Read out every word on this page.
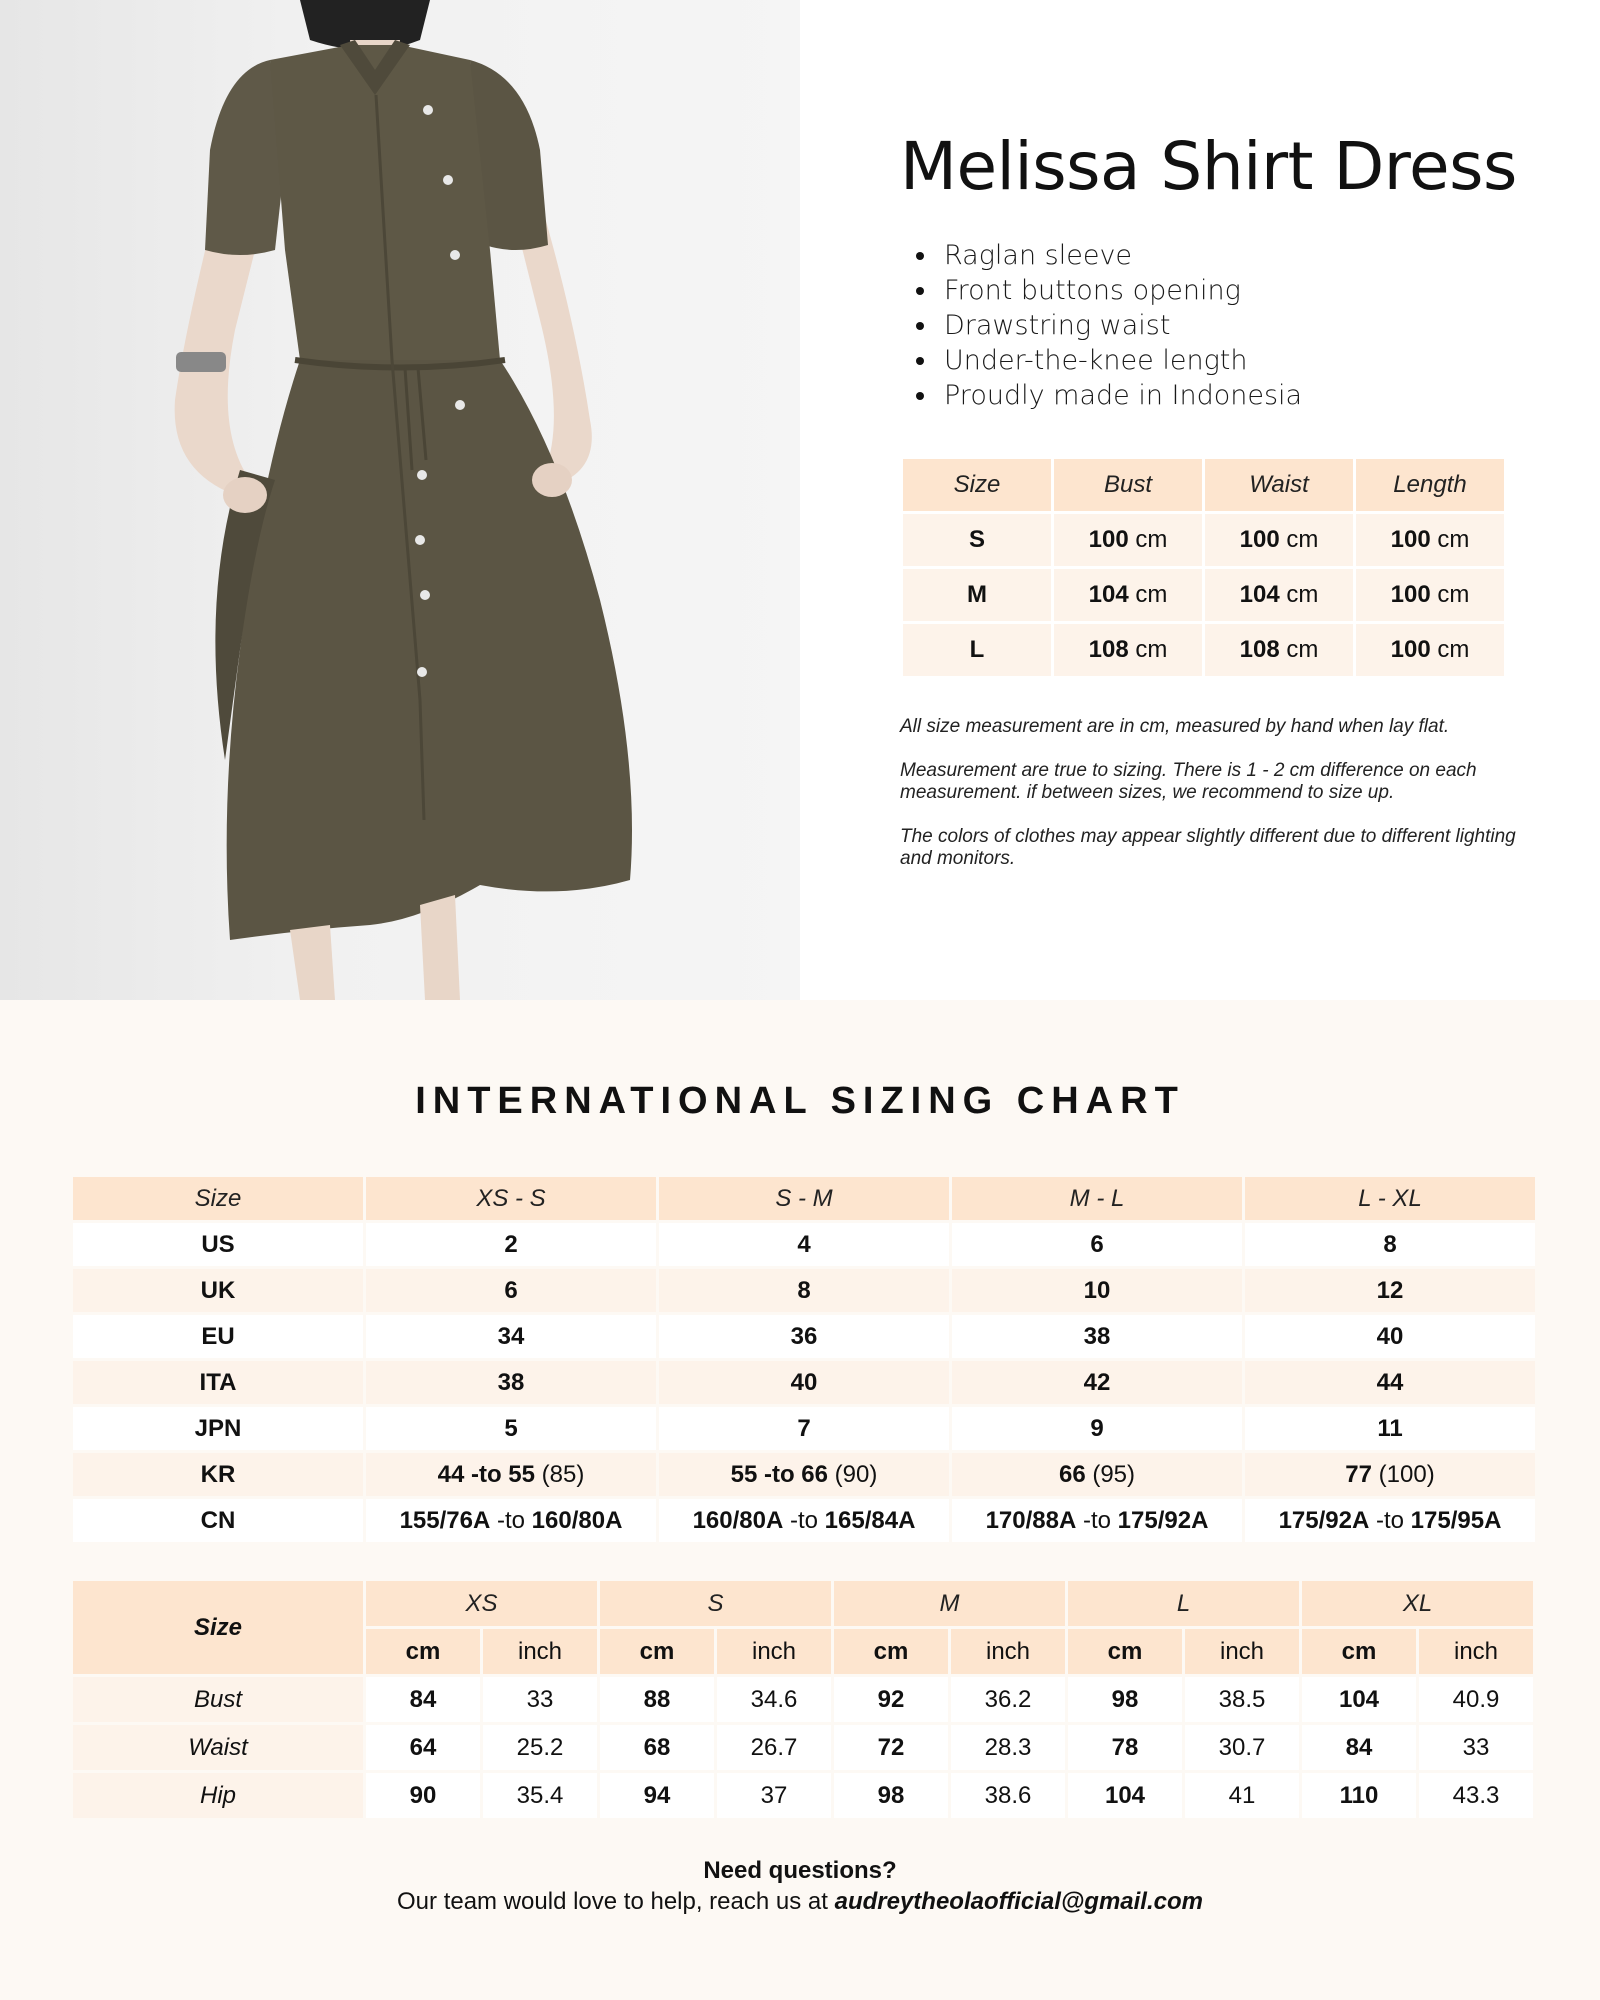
Melissa Shirt Dress
Raglan sleeve
Front buttons opening
Drawstring waist
Under-the-knee length
Proudly made in Indonesia
Size	Bust	Waist	Length
S	100 cm	100 cm	100 cm
M	104 cm	104 cm	100 cm
L	108 cm	108 cm	100 cm

All size measurement are in cm, measured by hand when lay flat.

Measurement are true to sizing. There is 1 - 2 cm difference on each measurement. if between sizes, we recommend to size up.

The colors of clothes may appear slightly different due to different lighting and monitors.

INTERNATIONAL SIZING CHART
Size	XS - S	S - M	M - L	L - XL
US	2	4	6	8
UK	6	8	10	12
EU	34	36	38	40
ITA	38	40	42	44
JPN	5	7	9	11
KR	44 -to 55 (85)	55 -to 66 (90)	66 (95)	77 (100)
CN	155/76A -to 160/80A	160/80A -to 165/84A	170/88A -to 175/92A	175/92A -to 175/95A
Size	XS		S		M		L		XL	
	cm	inch	cm	inch	cm	inch	cm	inch	cm	inch
Bust	84	33	88	34.6	92	36.2	98	38.5	104	40.9
Waist	64	25.2	68	26.7	72	28.3	78	30.7	84	33
Hip	90	35.4	94	37	98	38.6	104	41	110	43.3
Need questions?
Our team would love to help, reach us at audreytheolaofficial@gmail.com
